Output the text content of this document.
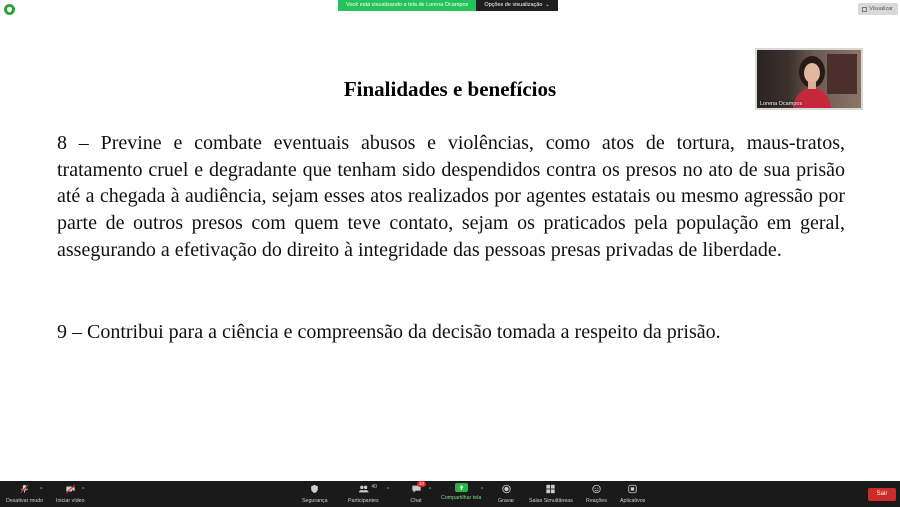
Você está visualizando a tela de Lorena Ocampos	Opções de visualização ⌄
Visualizar
Finalidades e benefícios
8 – Previne e combate eventuais abusos e violências, como atos de tortura, maus-tratos, tratamento cruel e degradante que tenham sido despendidos contra os presos no ato de sua prisão até a chegada à audiência, sejam esses atos realizados por agentes estatais ou mesmo agressão por parte de outros presos com quem teve contato, sejam os praticados pela população em geral, assegurando a efetivação do direito à integridade das pessoas presas privadas de liberdade.
9 – Contribui para a ciência e compreensão da decisão tomada a respeito da prisão.
Lorena Ocampos
Desativar mudo
^
Iniciar vídeo
^
Segurança
40
Participantes
^
10
Chat
^
Compartilhar tela
^
Gravar	Salas Simultâneas Reações Aplicativos
Sair
